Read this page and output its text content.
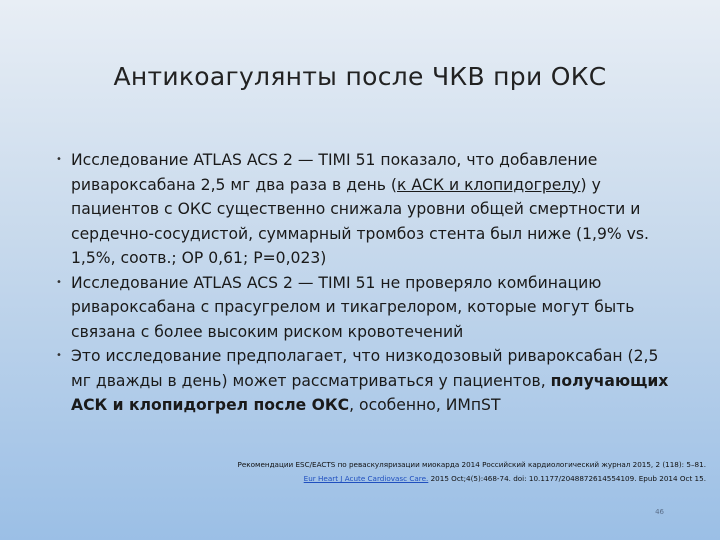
Антикоагулянты после ЧКВ при ОКС
• Исследование ATLAS ACS 2 — TIMI 51 показало, что добавление ривароксабана 2,5 мг два раза в день (к АСК и клопидогрелу) у пациентов с ОКС существенно снижала уровни общей смертности и сердечно-сосудистой, суммарный тромбоз стента был ниже (1,9% vs. 1,5%, соотв.; OР 0,61; Р=0,023)
• Исследование ATLAS ACS 2 — TIMI 51 не проверяло комбинацию ривароксабана с прасугрелом и тикагрелором, которые могут быть связана с более высоким риском кровотечений
• Это исследование предполагает, что низкодозовый ривароксабан (2,5 мг дважды в день) может рассматриваться у пациентов, получающих АСК и клопидогрел после ОКС, особенно, ИМпST
Рекомендации ESC/EACTS по реваскуляризации миокарда 2014 Российский кардиологический журнал 2015, 2 (118): 5–81.
Eur Heart J Acute Cardiovasc Care. 2015 Oct;4(5):468-74. doi: 10.1177/2048872614554109. Epub 2014 Oct 15.
46
